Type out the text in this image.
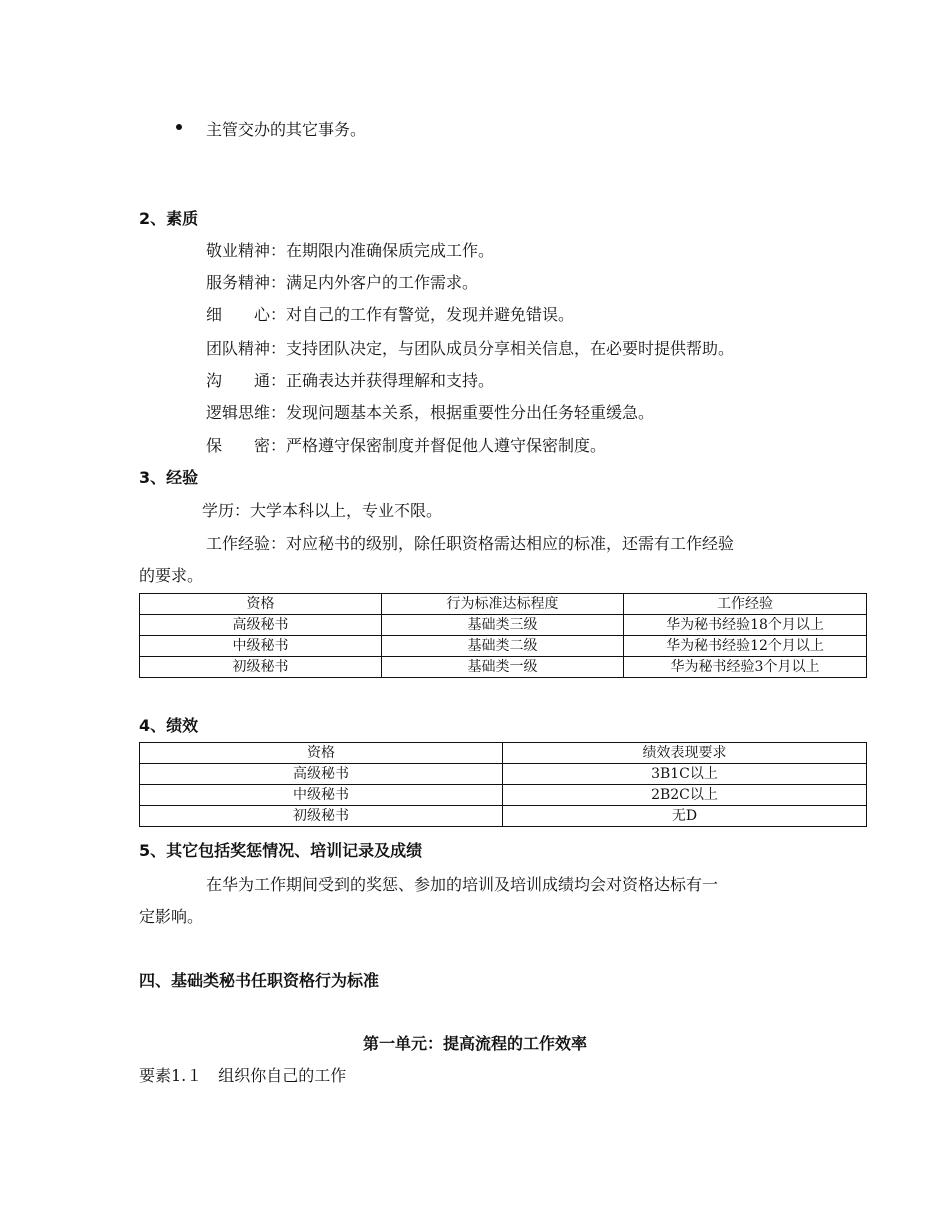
主管交办的其它事务。
2、素质
敬业精神：在期限内准确保质完成工作。
服务精神：满足内外客户的工作需求。
细　　心：对自己的工作有警觉，发现并避免错误。
团队精神：支持团队决定，与团队成员分享相关信息，在必要时提供帮助。
沟　　通：正确表达并获得理解和支持。
逻辑思维：发现问题基本关系，根据重要性分出任务轻重缓急。
保　　密：严格遵守保密制度并督促他人遵守保密制度。
3、经验
学历：大学本科以上，专业不限。
工作经验：对应秘书的级别，除任职资格需达相应的标准，还需有工作经验
的要求。
资格	行为标准达标程度	工作经验
高级秘书	基础类三级	华为秘书经验18个月以上
中级秘书	基础类二级	华为秘书经验12个月以上
初级秘书	基础类一级	华为秘书经验3个月以上
4、绩效
资格	绩效表现要求
高级秘书	3B1C以上
中级秘书	2B2C以上
初级秘书	无D
5、其它包括奖惩情况、培训记录及成绩
在华为工作期间受到的奖惩、参加的培训及培训成绩均会对资格达标有一
定影响。
四、基础类秘书任职资格行为标准
第一单元：提高流程的工作效率
要素1.１　组织你自己的工作
